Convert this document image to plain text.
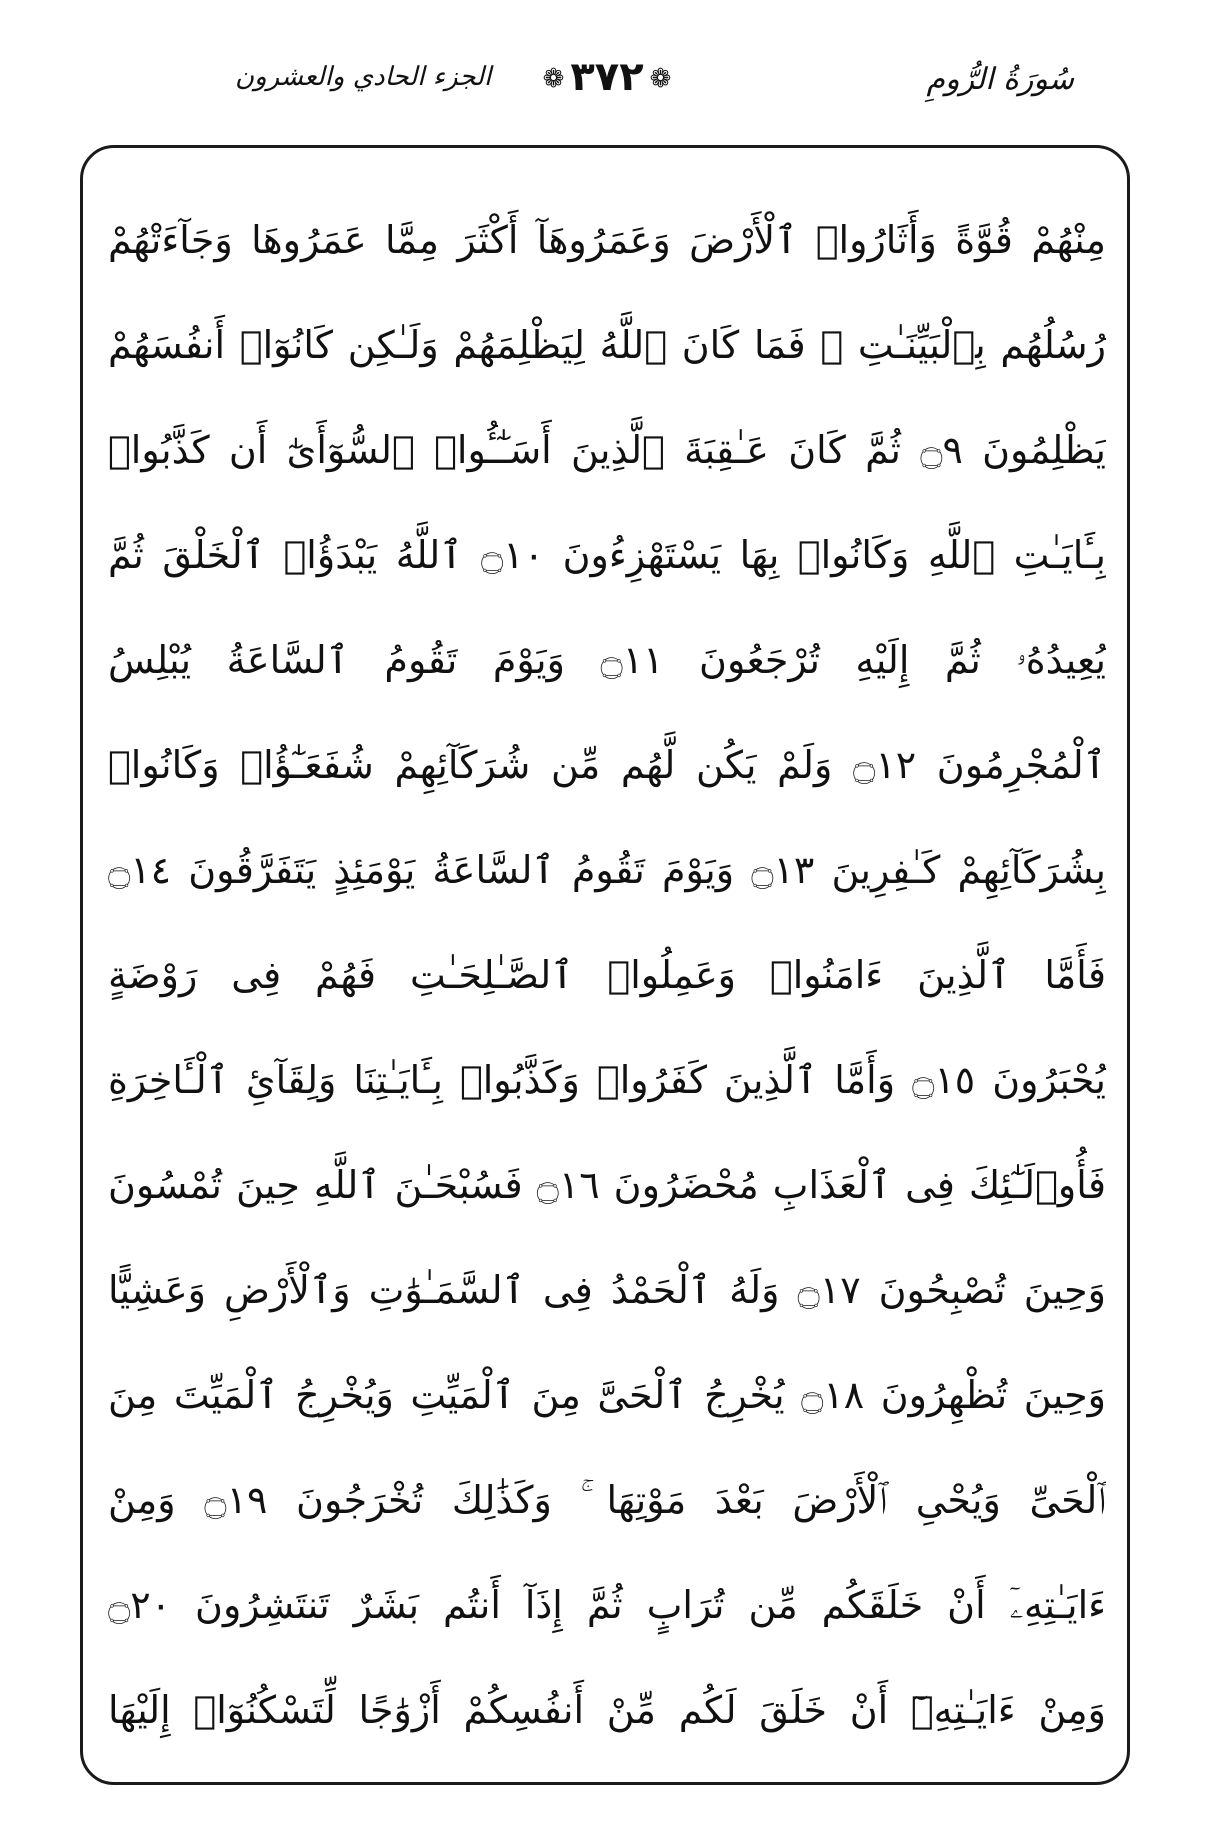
سُورَةُ الرُّومِ
❁٣٧٢❁
الجزء الحادي والعشرون
مِنْهُمْ قُوَّةً وَأَثَارُوا۟ ٱلْأَرْضَ وَعَمَرُوهَآ أَكْثَرَ مِمَّا عَمَرُوهَا وَجَآءَتْهُمْ
رُسُلُهُم بِٱلْبَيِّنَـٰتِ ۖ فَمَا كَانَ ٱللَّهُ لِيَظْلِمَهُمْ وَلَـٰكِن كَانُوٓا۟ أَنفُسَهُمْ
يَظْلِمُونَ ۝٩ ثُمَّ كَانَ عَـٰقِبَةَ ٱلَّذِينَ أَسَـٰٓـُٔوا۟ ٱلسُّوٓأَىٰٓ أَن كَذَّبُوا۟
بِـَٔايَـٰتِ ٱللَّهِ وَكَانُوا۟ بِهَا يَسْتَهْزِءُونَ ۝١٠ ٱللَّهُ يَبْدَؤُا۟ ٱلْخَلْقَ ثُمَّ
يُعِيدُهُۥ ثُمَّ إِلَيْهِ تُرْجَعُونَ ۝١١ وَيَوْمَ تَقُومُ ٱلسَّاعَةُ يُبْلِسُ
ٱلْمُجْرِمُونَ ۝١٢ وَلَمْ يَكُن لَّهُم مِّن شُرَكَآئِهِمْ شُفَعَـٰٓؤُا۟ وَكَانُوا۟
بِشُرَكَآئِهِمْ كَـٰفِرِينَ ۝١٣ وَيَوْمَ تَقُومُ ٱلسَّاعَةُ يَوْمَئِذٍ يَتَفَرَّقُونَ ۝١٤
فَأَمَّا ٱلَّذِينَ ءَامَنُوا۟ وَعَمِلُوا۟ ٱلصَّـٰلِحَـٰتِ فَهُمْ فِى رَوْضَةٍ
يُحْبَرُونَ ۝١٥ وَأَمَّا ٱلَّذِينَ كَفَرُوا۟ وَكَذَّبُوا۟ بِـَٔايَـٰتِنَا وَلِقَآئِ ٱلْـَٔاخِرَةِ
فَأُو۟لَـٰٓئِكَ فِى ٱلْعَذَابِ مُحْضَرُونَ ۝١٦ فَسُبْحَـٰنَ ٱللَّهِ حِينَ تُمْسُونَ
وَحِينَ تُصْبِحُونَ ۝١٧ وَلَهُ ٱلْحَمْدُ فِى ٱلسَّمَـٰوَٰتِ وَٱلْأَرْضِ وَعَشِيًّا
وَحِينَ تُظْهِرُونَ ۝١٨ يُخْرِجُ ٱلْحَىَّ مِنَ ٱلْمَيِّتِ وَيُخْرِجُ ٱلْمَيِّتَ مِنَ
ٱلْحَىِّ وَيُحْىِ ٱلْأَرْضَ بَعْدَ مَوْتِهَا ۚ وَكَذَٰلِكَ تُخْرَجُونَ ۝١٩ وَمِنْ
ءَايَـٰتِهِۦٓ أَنْ خَلَقَكُم مِّن تُرَابٍ ثُمَّ إِذَآ أَنتُم بَشَرٌ تَنتَشِرُونَ ۝٢٠
وَمِنْ ءَايَـٰتِهِۦٓ أَنْ خَلَقَ لَكُم مِّنْ أَنفُسِكُمْ أَزْوَٰجًا لِّتَسْكُنُوٓا۟ إِلَيْهَا
